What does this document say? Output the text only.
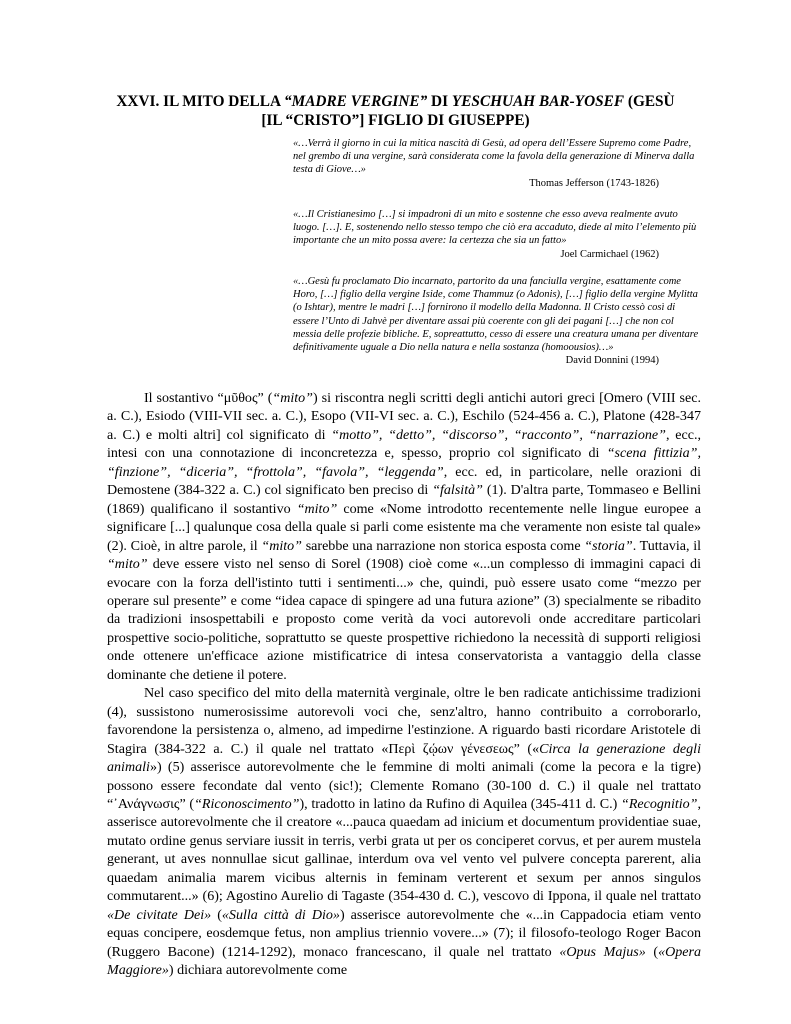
XXVI. IL MITO DELLA “MADRE VERGINE” DI YESCHUAH BAR-YOSEF (GESÙ
[IL “CRISTO”] FIGLIO DI GIUSEPPE)
«…Verrà il giorno in cui la mitica nascità di Gesù, ad opera dell’Essere Supremo come Padre, nel grembo di una vergine, sarà considerata come la favola della generazione di Minerva dalla testa di Giove…»
Thomas Jefferson (1743-1826)
«…Il Cristianesimo […] si impadronì di un mito e sostenne che esso aveva realmente avuto luogo. […]. E, sostenendo nello stesso tempo che ciò era accaduto, diede al mito l’elemento più importante che un mito possa avere: la certezza che sia un fatto»
Joel Carmichael (1962)
«…Gesù fu proclamato Dio incarnato, partorito da una fanciulla vergine, esattamente come Horo, […] figlio della vergine Iside, come Thammuz (o Adonis), […] figlio della vergine Mylitta (o Ishtar), mentre le madri […] fornirono il modello della Madonna. Il Cristo cessò così di essere l’Unto di Jahvè per diventare assai più coerente con gli dei pagani […] che non col messia delle profezie bibliche. E, sopreattutto, cesso di essere una creatura umana per diventare definitivamente uguale a Dio nella natura e nella sostanza (homoousios)…»
David Donnini (1994)

Il sostantivo “μῦθος” (“mito”) si riscontra negli scritti degli antichi autori greci [Omero (VIII sec. a. C.), Esiodo (VIII-VII sec. a. C.), Esopo (VII-VI sec. a. C.), Eschilo (524-456 a. C.), Platone (428-347 a. C.) e molti altri] col significato di “motto”, “detto”, “discorso”, “racconto”, “narrazione”, ecc., intesi con una connotazione di inconcretezza e, spesso, proprio col significato di “scena fittizia”, “finzione”, “diceria”, “frottola”, “favola”, “leggenda”, ecc. ed, in particolare, nelle orazioni di Demostene (384-322 a. C.) col significato ben preciso di “falsità” (1). D'altra parte, Tommaseo e Bellini (1869) qualificano il sostantivo “mito” come «Nome introdotto recentemente nelle lingue europee a significare [...] qualunque cosa della quale si parli come esistente ma che veramente non esiste tal quale» (2). Cioè, in altre parole, il “mito” sarebbe una narrazione non storica esposta come “storia”. Tuttavia, il “mito” deve essere visto nel senso di Sorel (1908) cioè come «...un complesso di immagini capaci di evocare con la forza dell'istinto tutti i sentimenti...» che, quindi, può essere usato come “mezzo per operare sul presente” e come “idea capace di spingere ad una futura azione” (3) specialmente se ribadito da tradizioni insospettabili e proposto come verità da voci autorevoli onde accreditare particolari prospettive socio-politiche, soprattutto se queste prospettive richiedono la necessità di supporti religiosi onde ottenere un'efficace azione mistificatrice di intesa conservatorista a vantaggio della classe dominante che detiene il potere.

Nel caso specifico del mito della maternità verginale, oltre le ben radicate antichissime tradizioni (4), sussistono numerosissime autorevoli voci che, senz'altro, hanno contribuito a corroborarlo, favorendone la persistenza o, almeno, ad impedirne l'estinzione. A riguardo basti ricordare Aristotele di Stagira (384-322 a. C.) il quale nel trattato «Περὶ ζῴων γένεσεως” («Circa la generazione degli animali») (5) asserisce autorevolmente che le femmine di molti animali (come la pecora e la tigre) possono essere fecondate dal vento (sic!); Clemente Romano (30-100 d. C.) il quale nel trattato “᾿Ανάγνωσις” (“Riconoscimento”), tradotto in latino da Rufino di Aquilea (345-411 d. C.) “Recognitio”, asserisce autorevolmente che il creatore «...pauca quaedam ad inicium et documentum providentiae suae, mutato ordine genus serviare iussit in terris, verbi grata ut per os conciperet corvus, et per aurem mustela generant, ut aves nonnullae sicut gallinae, interdum ova vel vento vel pulvere concepta parerent, alia quaedam animalia marem vicibus alternis in feminam verterent et sexum per annos singulos commutarent...» (6); Agostino Aurelio di Tagaste (354-430 d. C.), vescovo di Ippona, il quale nel trattato «De civitate Dei» («Sulla città di Dio») asserisce autorevolmente che «...in Cappadocia etiam vento equas concipere, eosdemque fetus, non amplius triennio vovere...» (7); il filosofo-teologo Roger Bacon (Ruggero Bacone) (1214-1292), monaco francescano, il quale nel trattato «Opus Majus» («Opera Maggiore») dichiara autorevolmente come
